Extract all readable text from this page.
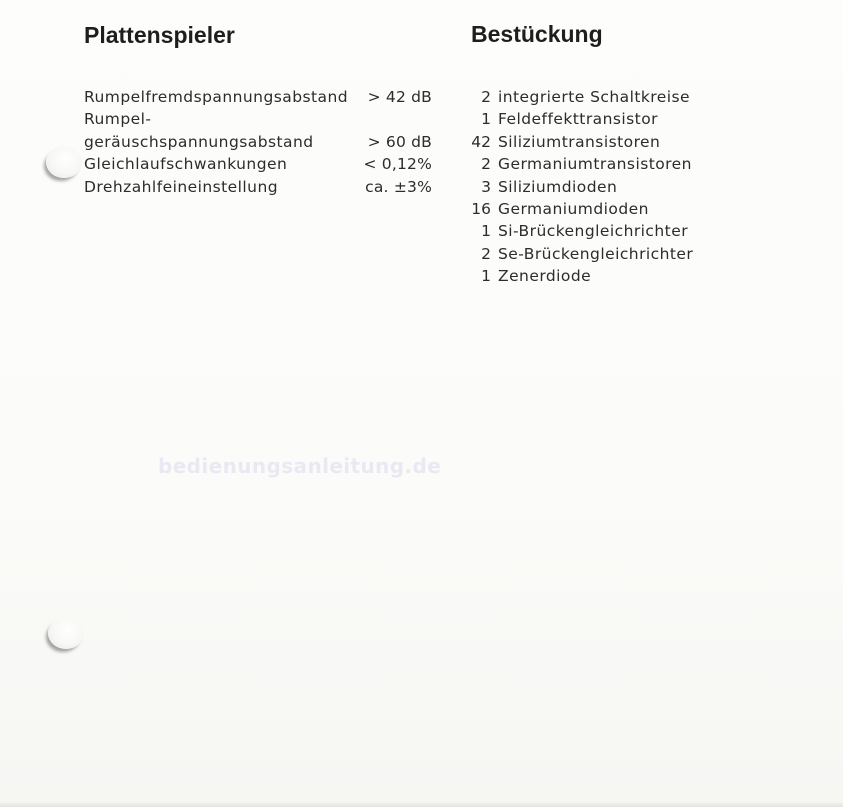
Plattenspieler	Bestückung
Rumpelfremdspannungsabstand > 42 dB
Rumpel-
geräuschspannungsabstand	> 60 dB
Gleichlaufschwankungen	< 0,12%
Drehzahlfeineinstellung	ca. ±3%
2 integrierte Schaltkreise
1 Feldeffekttransistor
42 Siliziumtransistoren
2 Germaniumtransistoren
3 Siliziumdioden
16 Germaniumdioden
1 Si-Brückengleichrichter
2 Se-Brückengleichrichter
1 Zenerdiode
bedienungsanleitung.de
